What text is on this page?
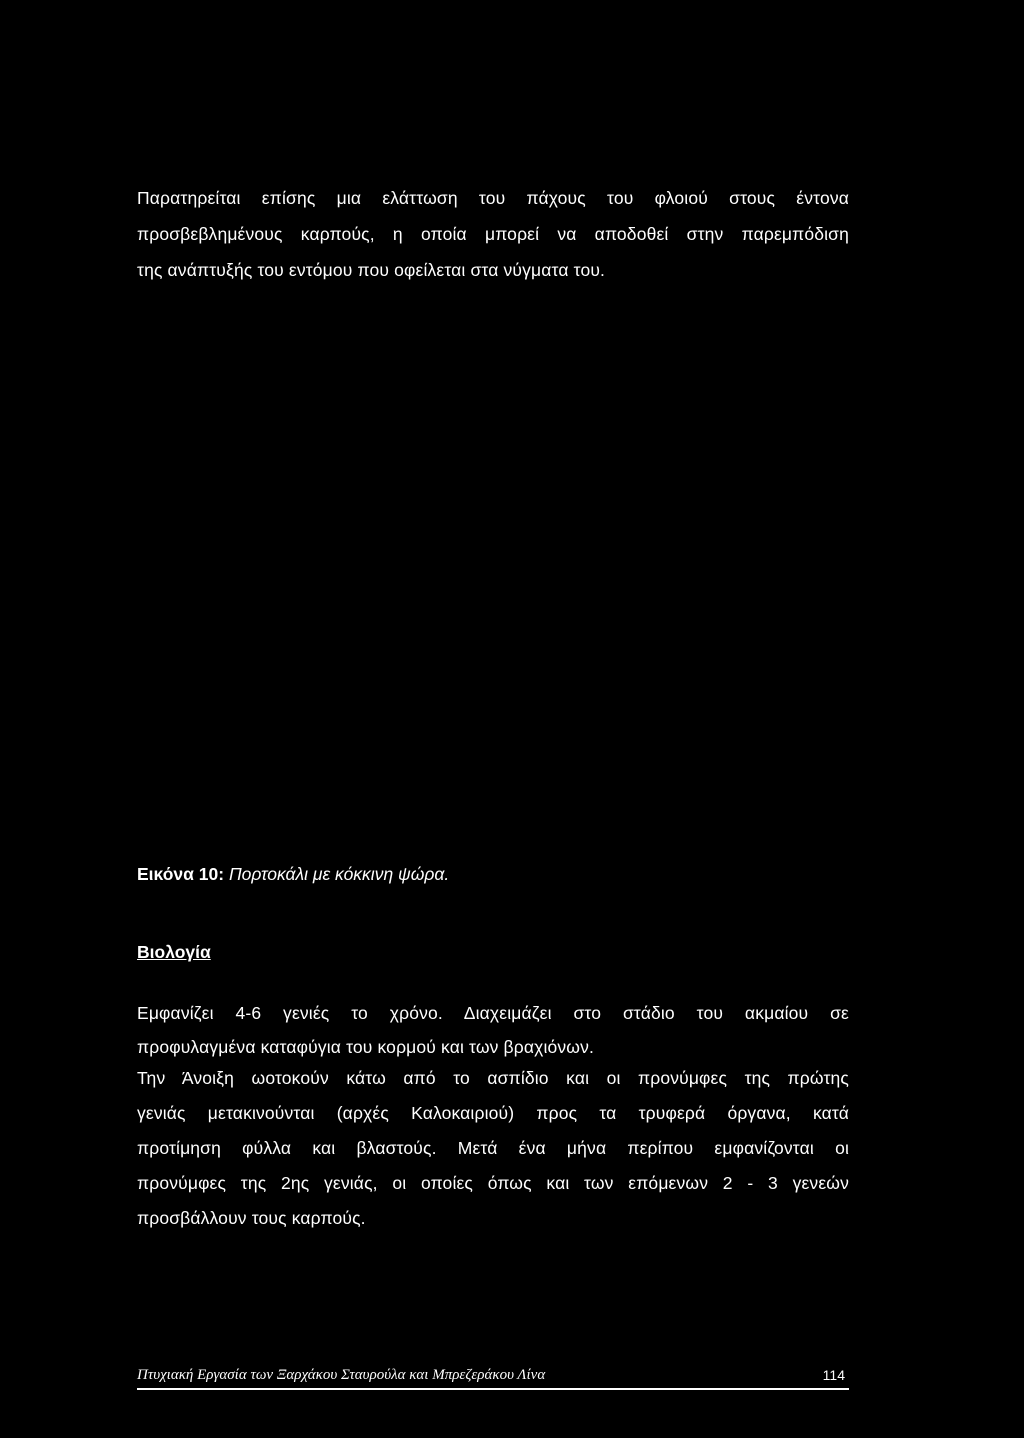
Παρατηρείται επίσης μια ελάττωση του πάχους του φλοιού στους έντονα
προσβεβλημένους καρπούς, η οποία μπορεί να αποδοθεί στην παρεμπόδιση
της ανάπτυξής του εντόμου που οφείλεται στα νύγματα του.
Εικόνα 10: Πορτοκάλι με κόκκινη ψώρα.
Βιολογία
Εμφανίζει 4-6 γενιές το χρόνο. Διαχειμάζει στο στάδιο του ακμαίου σε
προφυλαγμένα καταφύγια του κορμού και των βραχιόνων.
Την Άνοιξη ωοτοκούν κάτω από το ασπίδιο και οι προνύμφες της πρώτης
γενιάς μετακινούνται (αρχές Καλοκαιριού) προς τα τρυφερά όργανα, κατά
προτίμηση φύλλα και βλαστούς. Μετά ένα μήνα περίπου εμφανίζονται οι
προνύμφες της 2ης γενιάς, οι οποίες όπως και των επόμενων 2 - 3 γενεών
προσβάλλουν τους καρπούς.
Πτυχιακή Εργασία των Ξαρχάκου Σταυρούλα και Μπρεζεράκου Λίνα	114
